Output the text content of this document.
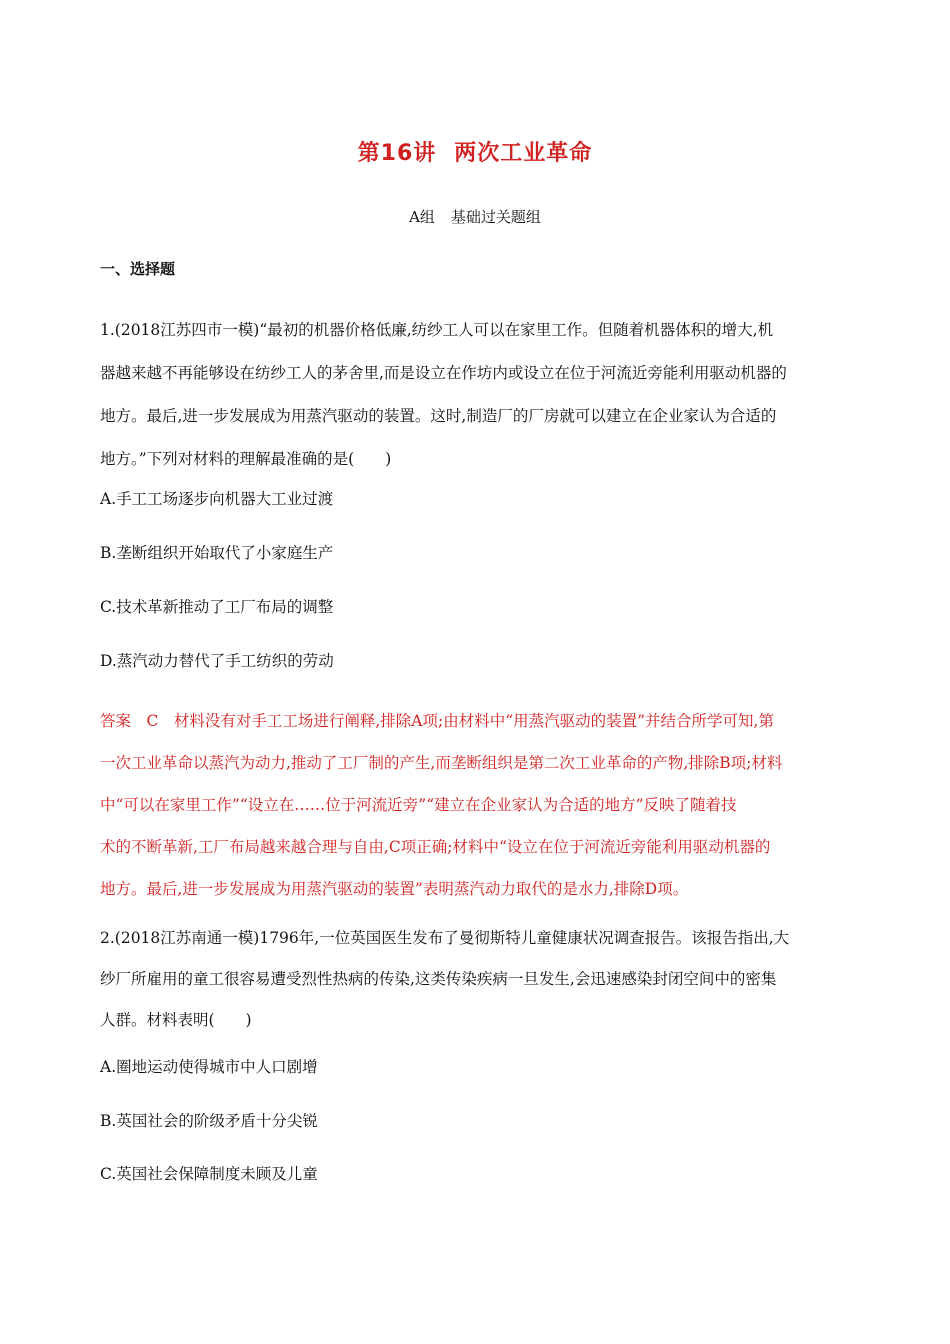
第16讲 两次工业革命
A组 基础过关题组
一、选择题
1.(2018江苏四市一模)“最初的机器价格低廉,纺纱工人可以在家里工作。但随着机器体积的增大,机
器越来越不再能够设在纺纱工人的茅舍里,而是设立在作坊内或设立在位于河流近旁能利用驱动机器的
地方。最后,进一步发展成为用蒸汽驱动的装置。这时,制造厂的厂房就可以建立在企业家认为合适的
地方。”下列对材料的理解最准确的是(　　)
A.手工工场逐步向机器大工业过渡
B.垄断组织开始取代了小家庭生产
C.技术革新推动了工厂布局的调整
D.蒸汽动力替代了手工纺织的劳动
答案　C　材料没有对手工工场进行阐释,排除A项;由材料中“用蒸汽驱动的装置”并结合所学可知,第
一次工业革命以蒸汽为动力,推动了工厂制的产生,而垄断组织是第二次工业革命的产物,排除B项;材料
中“可以在家里工作”“设立在……位于河流近旁”“建立在企业家认为合适的地方”反映了随着技
术的不断革新,工厂布局越来越合理与自由,C项正确;材料中“设立在位于河流近旁能利用驱动机器的
地方。最后,进一步发展成为用蒸汽驱动的装置”表明蒸汽动力取代的是水力,排除D项。
2.(2018江苏南通一模)1796年,一位英国医生发布了曼彻斯特儿童健康状况调查报告。该报告指出,大
纱厂所雇用的童工很容易遭受烈性热病的传染,这类传染疾病一旦发生,会迅速感染封闭空间中的密集
人群。材料表明(　　)
A.圈地运动使得城市中人口剧增
B.英国社会的阶级矛盾十分尖锐
C.英国社会保障制度未顾及儿童
